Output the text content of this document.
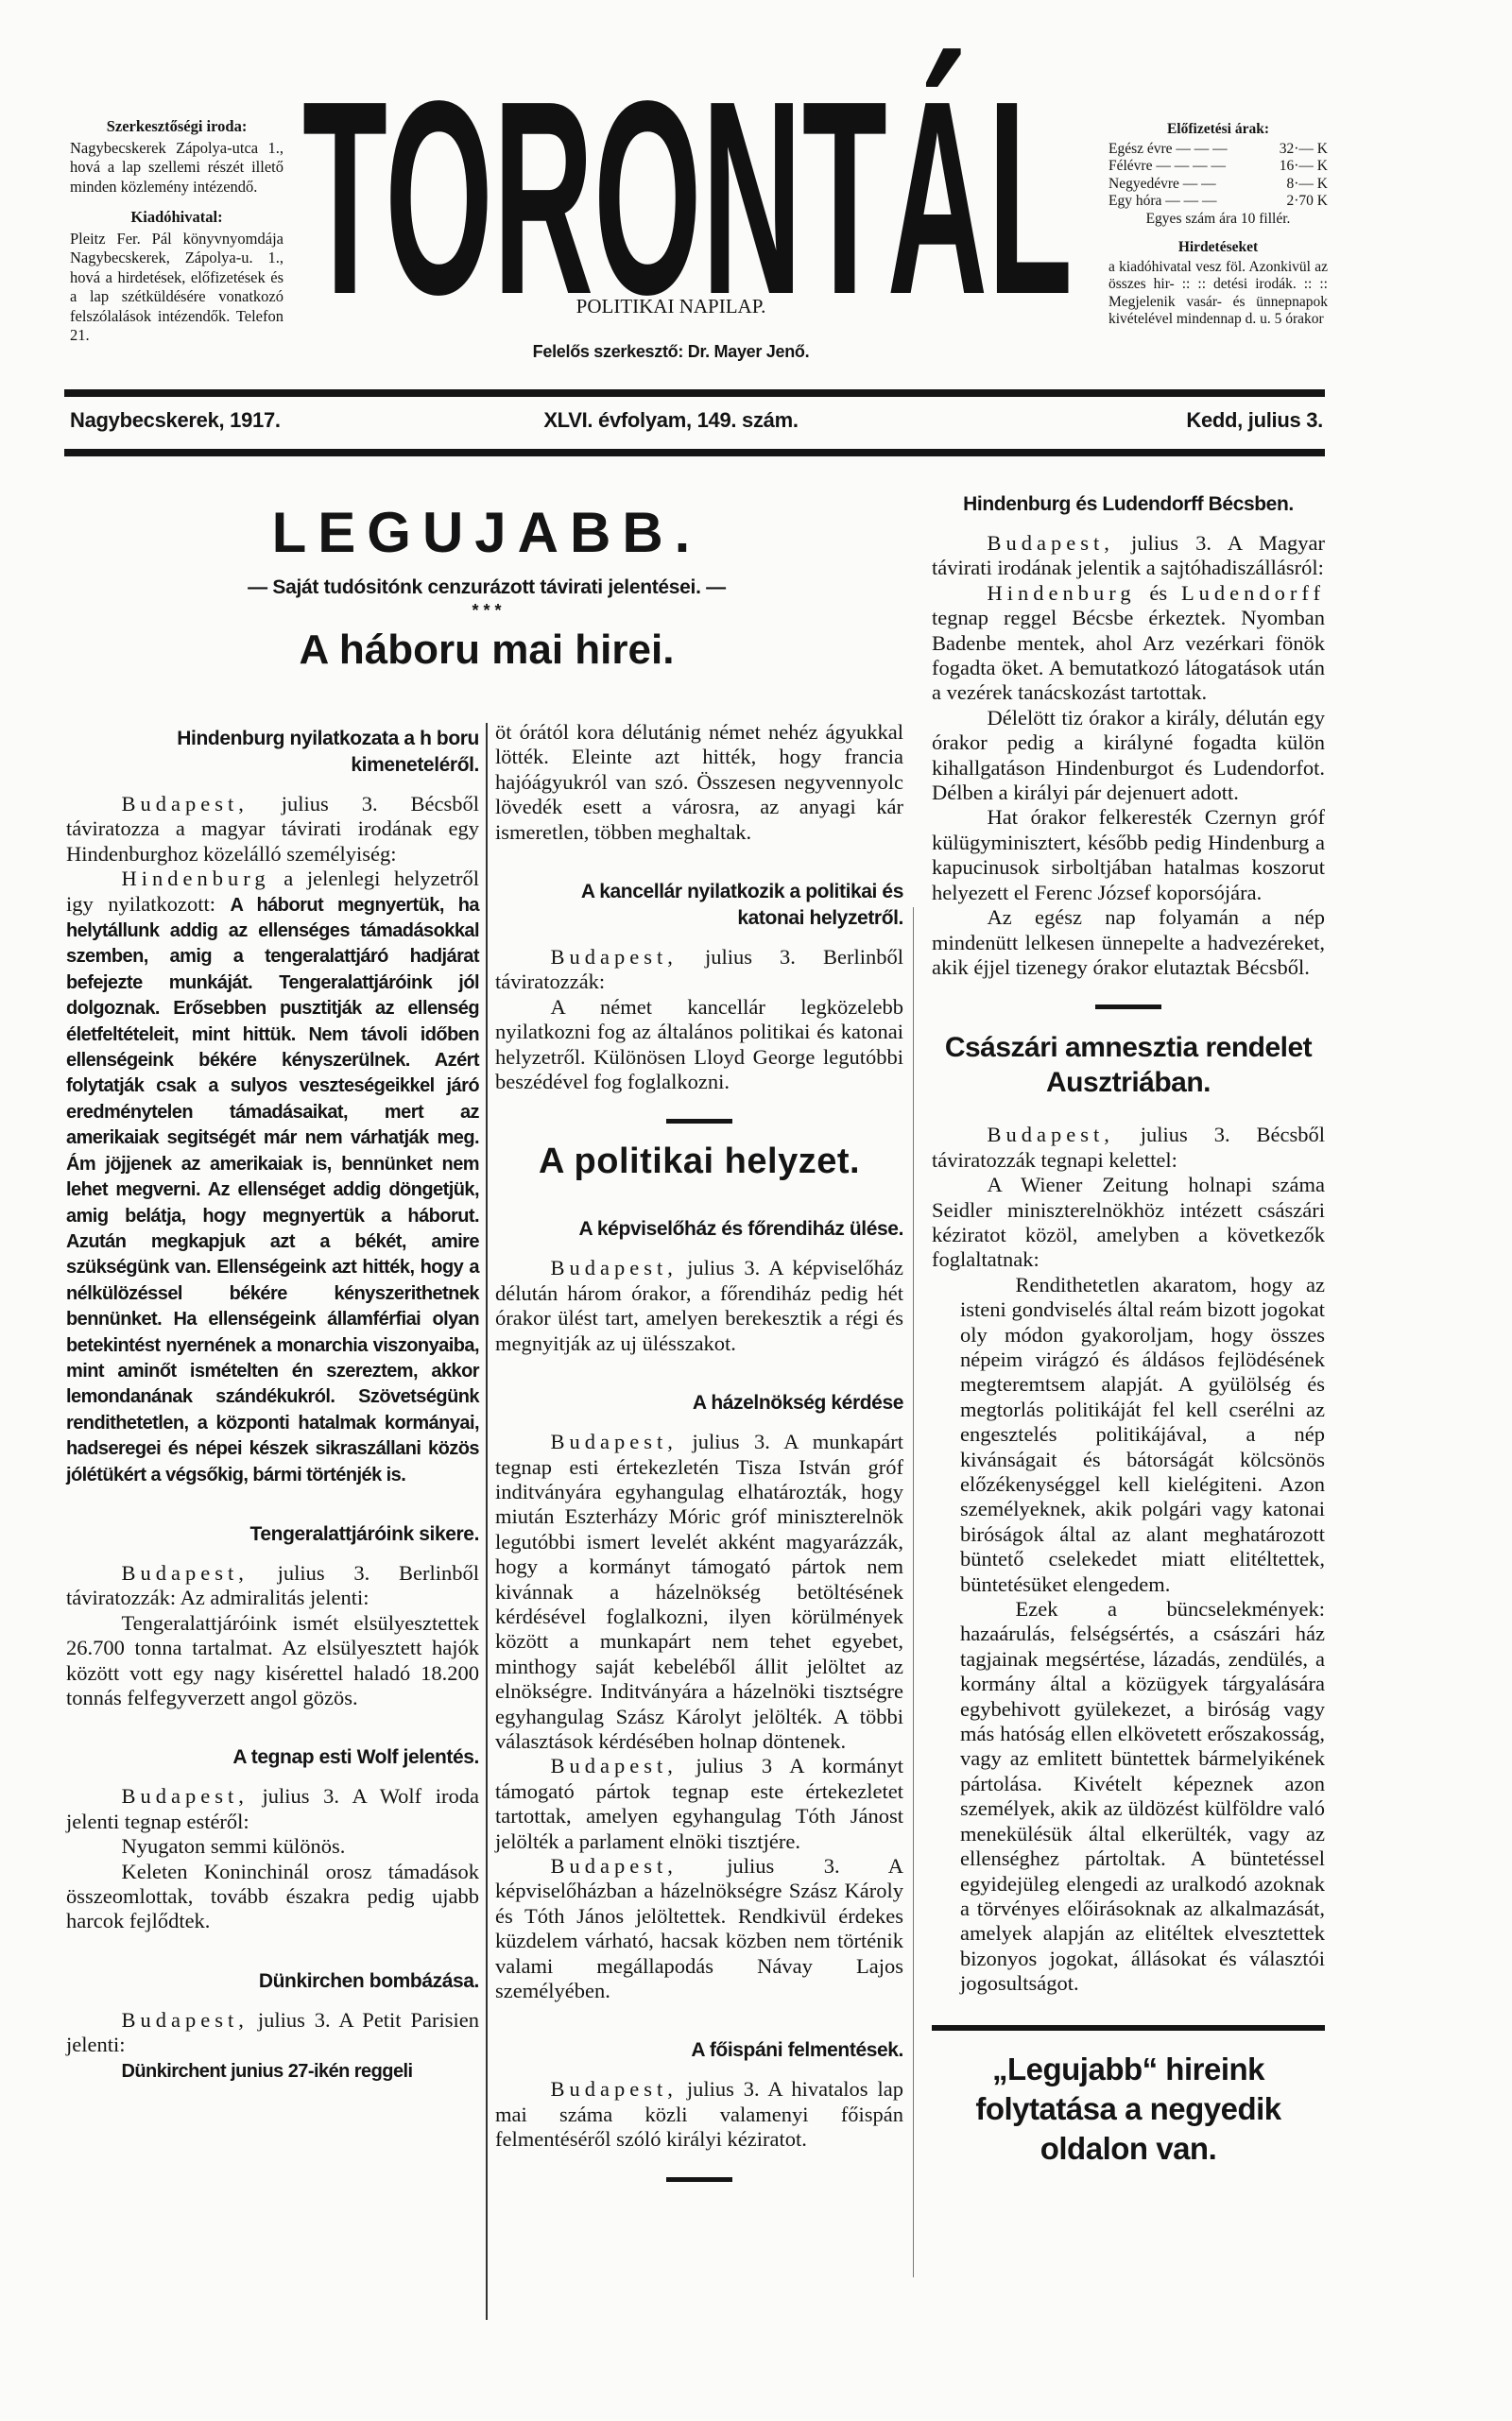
Szerkesztőségi iroda:
Nagybecskerek Zápolya-utca 1., hová a lap szellemi részét illető minden közlemény intézendő.
Kiadóhivatal:
Pleitz Fer. Pál könyvnyomdája Nagybecskerek, Zápolya-u. 1., hová a hirdetések, előfizetések és a lap szétküldésére vonatkozó felszólalások intézendők. Telefon 21. TORONTÁL
POLITIKAI NAPILAP.
Felelős szerkesztő: Dr. Mayer Jenő.
Előfizetési árak:
Egész évre — — —	32·— K
Félévre — — — —	16·— K
Negyedévre — —	8·— K
Egy hóra — — —	2·70 K
Egyes szám ára 10 fillér.
Hirdetéseket
a kiadóhivatal vesz föl. Azonkivül az összes hir- :: :: detési irodák. :: :: Megjelenik vasár- és ünnepnapok kivételével mindennap d. u. 5 órakor
Nagybecskerek, 1917.	XLVI. évfolyam, 149. szám.	Kedd, julius 3.
LEGUJABB.
— Saját tudósitónk cenzurázott távirati jelentései. —
* * *
A háboru mai hirei.
Hindenburg nyilatkozata a h boru kimeneteléről.

Budapest, julius 3. Bécsből táviratozza a magyar távirati irodának egy Hindenburghoz közelálló személyiség:

Hindenburg a jelenlegi helyzetről igy nyilatkozott: A háborut megnyertük, ha helytállunk addig az ellenséges támadásokkal szemben, amig a tengeralattjáró hadjárat befejezte munkáját. Tengeralattjáróink jól dolgoznak. Erősebben pusztitják az ellenség életfeltételeit, mint hittük. Nem távoli időben ellenségeink békére kényszerülnek. Azért folytatják csak a sulyos veszteségeikkel járó eredménytelen támadásaikat, mert az amerikaiak segitségét már nem várhatják meg. Ám jöjjenek az amerikaiak is, bennünket nem lehet megverni. Az ellenséget addig döngetjük, amig belátja, hogy megnyertük a háborut. Azután megkapjuk azt a békét, amire szükségünk van. Ellenségeink azt hitték, hogy a nélkülözéssel békére kényszerithetnek bennünket. Ha ellenségeink államférfiai olyan betekintést nyernének a monarchia viszonyaiba, mint aminőt ismételten én szereztem, akkor lemondanának szándékukról. Szövetségünk rendithetetlen, a központi hatalmak kormányai, hadseregei és népei készek sikraszállani közös jólétükért a végsőkig, bármi történjék is.

Tengeralattjáróink sikere.

Budapest, julius 3. Berlinből táviratozzák: Az admiralitás jelenti:

Tengeralattjáróink ismét elsülyesztettek 26.700 tonna tartalmat. Az elsülyesztett hajók között vott egy nagy kisérettel haladó 18.200 tonnás felfegyverzett angol gözös.

A tegnap esti Wolf jelentés.

Budapest, julius 3. A Wolf iroda jelenti tegnap estéről:

Nyugaton semmi különös.

Keleten Koninchinál orosz támadások összeomlottak, tovább északra pedig ujabb harcok fejlődtek.

Dünkirchen bombázása.

Budapest, julius 3. A Petit Parisien jelenti:

Dünkirchent junius 27-ikén reggeli

öt órától kora délutánig német nehéz ágyukkal lötték. Eleinte azt hitték, hogy francia hajóágyukról van szó. Összesen negyvennyolc lövedék esett a városra, az anyagi kár ismeretlen, többen meghaltak.

A kancellár nyilatkozik a politikai és katonai helyzetről.

Budapest, julius 3. Berlinből táviratozzák:

A német kancellár legközelebb nyilatkozni fog az általános politikai és katonai helyzetről. Különösen Lloyd George legutóbbi beszédével fog foglalkozni.

A politikai helyzet.
A képviselőház és főrendiház ülése.

Budapest, julius 3. A képviselőház délután három órakor, a főrendiház pedig hét órakor ülést tart, amelyen berekesztik a régi és megnyitják az uj ülésszakot.

A házelnökség kérdése

Budapest, julius 3. A munkapárt tegnap esti értekezletén Tisza István gróf inditványára egyhangulag elhatározták, hogy miután Eszterházy Móric gróf miniszterelnök legutóbbi ismert levelét akként magyarázzák, hogy a kormányt támogató pártok nem kivánnak a házelnökség betöltésének kérdésével foglalkozni, ilyen körülmények között a munkapárt nem tehet egyebet, minthogy saját kebeléből állit jelöltet az elnökségre. Inditványára a házelnöki tisztségre egyhangulag Szász Károlyt jelölték. A többi választások kérdésében holnap döntenek.

Budapest, julius 3 A kormányt támogató pártok tegnap este értekezletet tartottak, amelyen egyhangulag Tóth Jánost jelölték a parlament elnöki tisztjére.

Budapest, julius 3. A képviselőházban a házelnökségre Szász Károly és Tóth János jelöltettek. Rendkivül érdekes küzdelem várható, hacsak közben nem történik valami megállapodás Návay Lajos személyében.

A főispáni felmentések.

Budapest, julius 3. A hivatalos lap mai száma közli valamenyi főispán felmentéséről szóló királyi kéziratot.

Hindenburg és Ludendorff Bécsben.

Budapest, julius 3. A Magyar távirati irodának jelentik a sajtóhadiszállásról:

Hindenburg és Ludendorff tegnap reggel Bécsbe érkeztek. Nyomban Badenbe mentek, ahol Arz vezérkari fönök fogadta öket. A bemutatkozó látogatások után a vezérek tanácskozást tartottak.

Délelött tiz órakor a király, délután egy órakor pedig a királyné fogadta külön kihallgatáson Hindenburgot és Ludendorfot. Délben a királyi pár dejenuert adott.

Hat órakor felkeresték Czernyn gróf külügyminisztert, később pedig Hindenburg a kapucinusok sirboltjában hatalmas koszorut helyezett el Ferenc József koporsójára.

Az egész nap folyamán a nép mindenütt lelkesen ünnepelte a hadvezéreket, akik éjjel tizenegy órakor elutaztak Bécsből.

Császári amnesztia rendelet Ausztriában.

Budapest, julius 3. Bécsből táviratozzák tegnapi kelettel:

A Wiener Zeitung holnapi száma Seidler miniszterelnökhöz intézett császári kéziratot közöl, amelyben a következők foglaltatnak:

Rendithetetlen akaratom, hogy az isteni gondviselés által reám bizott jogokat oly módon gyakoroljam, hogy összes népeim virágzó és áldásos fejlödésének megteremtsem alapját. A gyülölség és megtorlás politikáját fel kell cserélni az engesztelés politikájával, a nép kivánságait és bátorságát kölcsönös előzékenységgel kell kielégiteni. Azon személyeknek, akik polgári vagy katonai biróságok által az alant meghatározott büntető cselekedet miatt elitéltettek, büntetésüket elengedem.

Ezek a büncselekmények: hazaárulás, felségsértés, a császári ház tagjainak megsértése, lázadás, zendülés, a kormány által a közügyek tárgyalására egybehivott gyülekezet, a biróság vagy más hatóság ellen elkövetett erőszakosság, vagy az emlitett büntettek bármelyikének pártolása. Kivételt képeznek azon személyek, akik az üldözést külföldre való menekülésük által elkerülték, vagy az ellenséghez pártoltak. A büntetéssel egyidejüleg elengedi az uralkodó azoknak a törvényes előirásoknak az alkalmazását, amelyek alapján az elitéltek elvesztettek bizonyos jogokat, állásokat és választói jogosultságot.

„Legujabb“ hireink folytatása a negyedik oldalon van.
